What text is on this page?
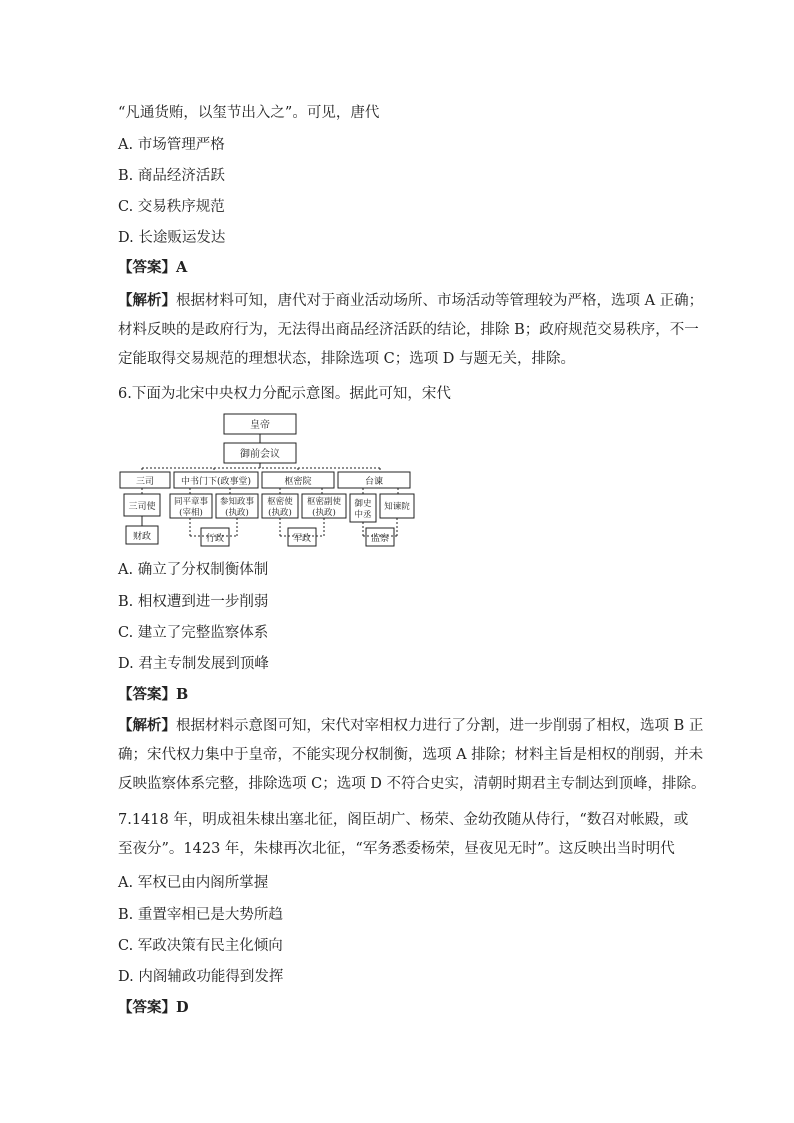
“凡通货贿，以玺节出入之”。可见，唐代
A. 市场管理严格
B. 商品经济活跃
C. 交易秩序规范
D. 长途贩运发达
【答案】A
【解析】根据材料可知，唐代对于商业活动场所、市场活动等管理较为严格，选项 A 正确；
材料反映的是政府行为，无法得出商品经济活跃的结论，排除 B；政府规范交易秩序，不一
定能取得交易规范的理想状态，排除选项 C；选项 D 与题无关，排除。
6.下面为北宋中央权力分配示意图。据此可知，宋代
皇帝
御前会议
三司	中书门下(政事堂)	枢密院	台谏
三司使 同平章事
(宰相)
参知政事
(执政)
枢密使
(执政)
枢密副使
(执政)
御史
中丞
知谏院
财政	行政	军政	监察
A. 确立了分权制衡体制
B. 相权遭到进一步削弱
C. 建立了完整监察体系
D. 君主专制发展到顶峰
【答案】B
【解析】根据材料示意图可知，宋代对宰相权力进行了分割，进一步削弱了相权，选项 B 正
确；宋代权力集中于皇帝，不能实现分权制衡，选项 A 排除；材料主旨是相权的削弱，并未
反映监察体系完整，排除选项 C；选项 D 不符合史实，清朝时期君主专制达到顶峰，排除。
7.1418 年，明成祖朱棣出塞北征，阁臣胡广、杨荣、金幼孜随从侍行，“数召对帐殿，或
至夜分”。1423 年，朱棣再次北征，“军务悉委杨荣，昼夜见无时”。这反映出当时明代
A. 军权已由内阁所掌握
B. 重置宰相已是大势所趋
C. 军政决策有民主化倾向
D. 内阁辅政功能得到发挥
【答案】D
